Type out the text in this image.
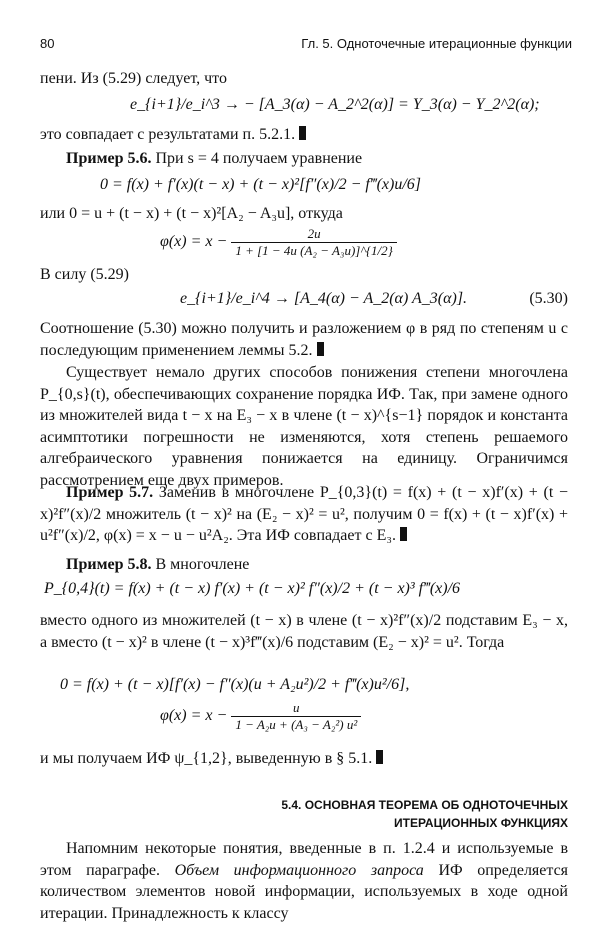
80	Гл. 5. Одноточечные итерационные функции
пени. Из (5.29) следует, что
e_{i+1}/e_i^3 → − [A_3(α) − A_2^2(α)] = Y_3(α) − Y_2^2(α);
это совпадает с результатами п. 5.2.1.
Пример 5.6. При s = 4 получаем уравнение
0 = f(x) + f′(x)(t − x) + (t − x)²[f″(x)/2 − f‴(x)u/6]
или 0 = u + (t − x) + (t − x)²[A₂ − A₃u], откуда
$\varphi(x) = x - \frac{2u}{\text{1 + [1 − 4u (A₂ − A₃u)]\textasciicircum{}\{1/2\}}}$
В силу (5.29)
e_{i+1}/e_i^4 → [A_4(α) − A_2(α) A_3(α)].	(5.30)
Соотношение (5.30) можно получить и разложением φ в ряд по степеням u с последующим применением леммы 5.2.
Существует немало других способов понижения степени многочлена P_{0,s}(t), обеспечивающих сохранение порядка ИФ. Так, при замене одного из множителей вида t − x на E₃ − x в члене (t − x)^{s−1} порядок и константа асимптотики погрешности не изменяются, хотя степень решаемого алгебраического уравнения понижается на единицу. Ограничимся рассмотрением еще двух примеров.
Пример 5.7. Заменив в многочлене P_{0,3}(t) = f(x) + (t − x)f′(x) + (t − x)²f″(x)/2 множитель (t − x)² на (E₂ − x)² = u², получим 0 = f(x) + (t − x)f′(x) + u²f″(x)/2, φ(x) = x − u − u²A₂. Эта ИФ совпадает с E₃.
Пример 5.8. В многочлене
P_{0,4}(t) = f(x) + (t − x) f′(x) + (t − x)² f″(x)/2 + (t − x)³ f‴(x)/6
вместо одного из множителей (t − x) в члене (t − x)²f″(x)/2 подставим E₃ − x, а вместо (t − x)² в члене (t − x)³f‴(x)/6 подставим (E₂ − x)² = u². Тогда
0 = f(x) + (t − x)[f′(x) − f″(x)(u + A₂u²)/2 + f‴(x)u²/6],
$\varphi(x) = x - \frac{u}{\text{1 − A₂u + (A₃ − A₂²) u²}}$
и мы получаем ИФ ψ_{1,2}, выведенную в § 5.1.
5.4. ОСНОВНАЯ ТЕОРЕМА ОБ ОДНОТОЧЕЧНЫХ
ИТЕРАЦИОННЫХ ФУНКЦИЯХ
Напомним некоторые понятия, введенные в п. 1.2.4 и используемые в этом параграфе. Объем информационного запроса ИФ определяется количеством элементов новой информации, используемых в ходе одной итерации. Принадлежность к классу
